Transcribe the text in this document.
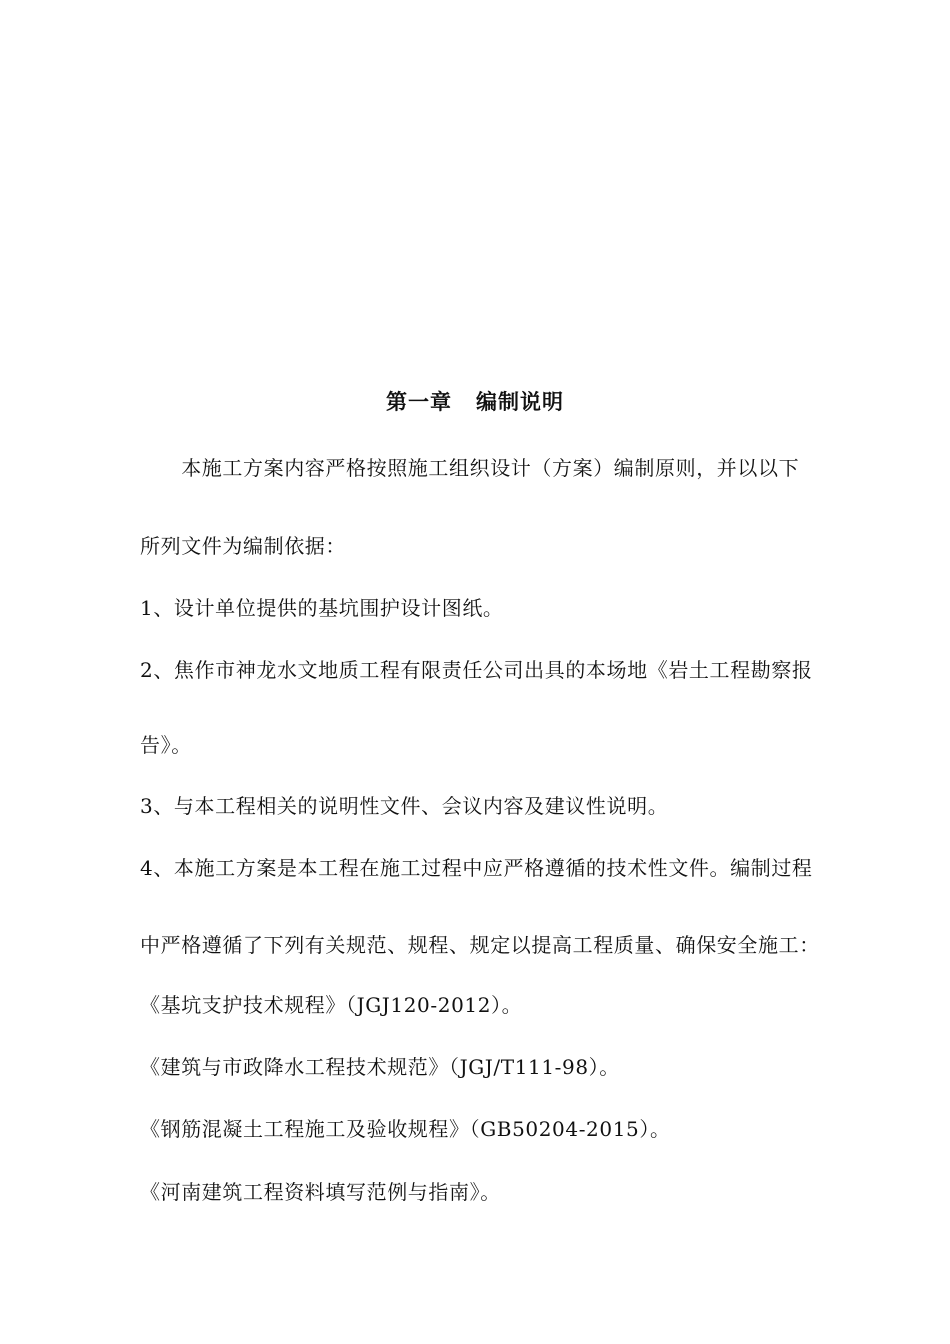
第一章 编制说明
　　本施工方案内容严格按照施工组织设计（方案）编制原则，并以以下
所列文件为编制依据：
1、设计单位提供的基坑围护设计图纸。
2、焦作市神龙水文地质工程有限责任公司出具的本场地《岩土工程勘察报
告》。
3、与本工程相关的说明性文件、会议内容及建议性说明。
4、本施工方案是本工程在施工过程中应严格遵循的技术性文件。编制过程
中严格遵循了下列有关规范、规程、规定以提高工程质量、确保安全施工：
《基坑支护技术规程》（JGJ120-2012）。
《建筑与市政降水工程技术规范》（JGJ/T111-98）。
《钢筋混凝土工程施工及验收规程》（GB50204-2015）。
《河南建筑工程资料填写范例与指南》。
